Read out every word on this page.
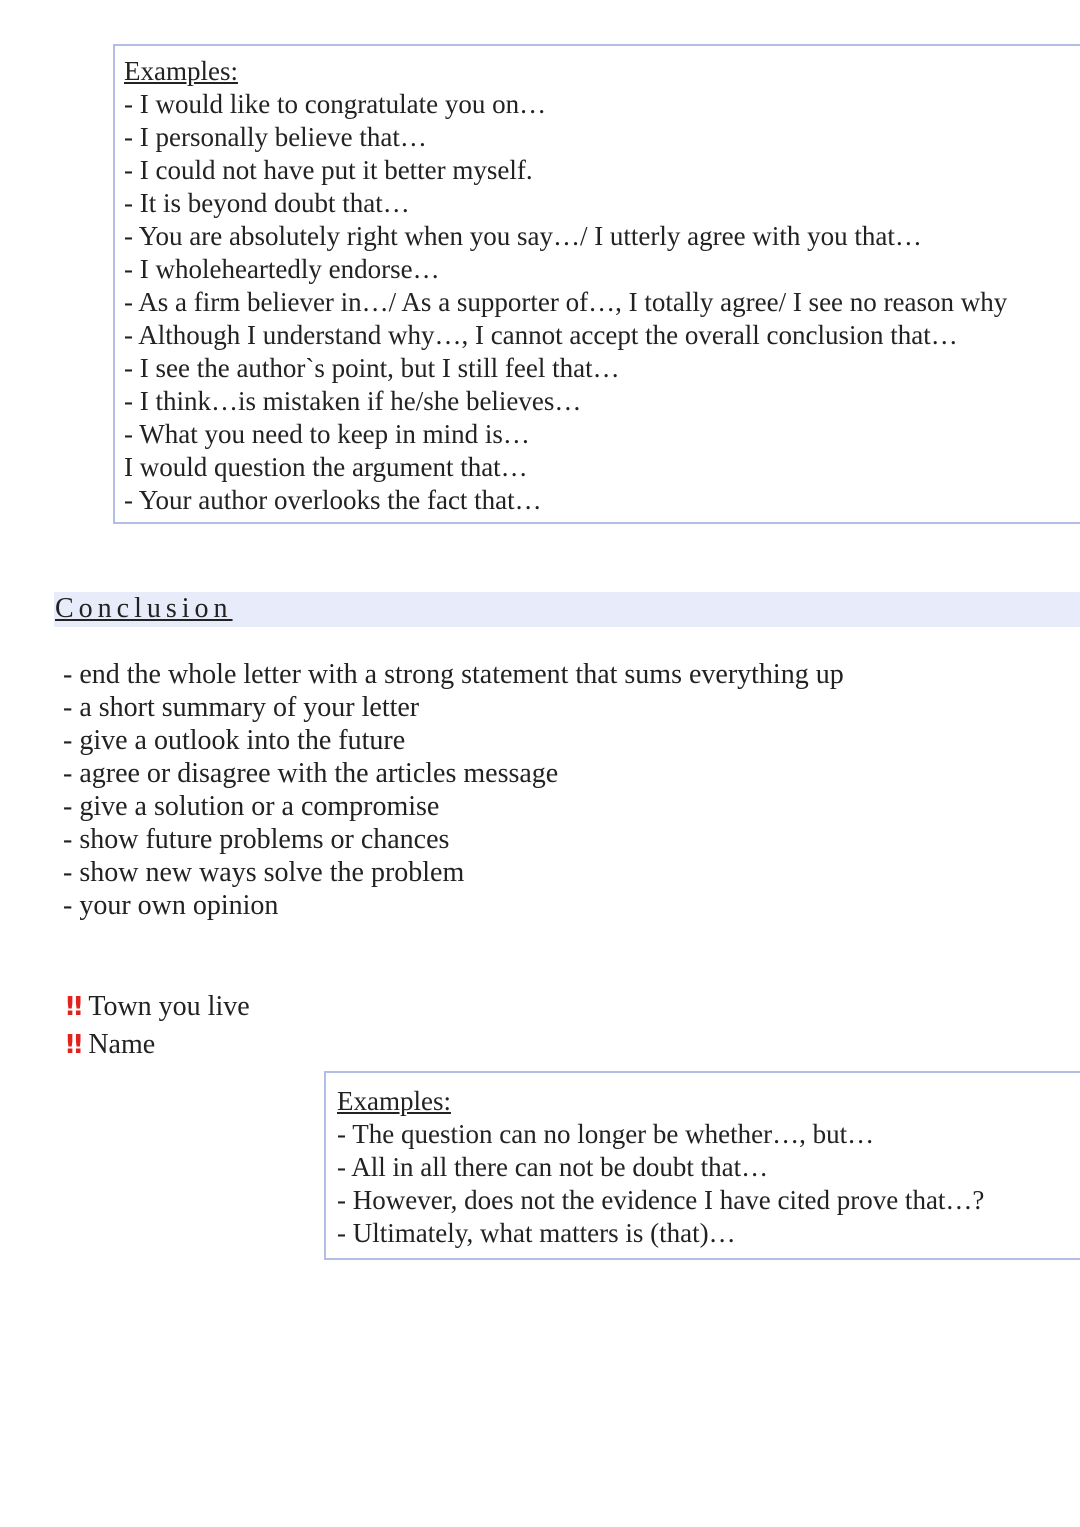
Examples:
- I would like to congratulate you on…
- I personally believe that…
- I could not have put it better myself.
- It is beyond doubt that…
- You are absolutely right when you say…/ I utterly agree with you that…
- I wholeheartedly endorse…
- As a firm believer in…/ As a supporter of…, I totally agree/ I see no reason why
- Although I understand why…, I cannot accept the overall conclusion that…
- I see the author`s point, but I still feel that…
- I think…is mistaken if he/she believes…
- What you need to keep in mind is…
I would question the argument that…
- Your author overlooks the fact that…
Conclusion
- end the whole letter with a strong statement that sums everything up
- a short summary of your letter
- give a outlook into the future
- agree or disagree with the articles message
- give a solution or a compromise
- show future problems or chances
- show new ways solve the problem
- your own opinion
‼ Town you live
‼ Name
Examples:
- The question can no longer be whether…, but…
- All in all there can not be doubt that…
- However, does not the evidence I have cited prove that…?
- Ultimately, what matters is (that)…
